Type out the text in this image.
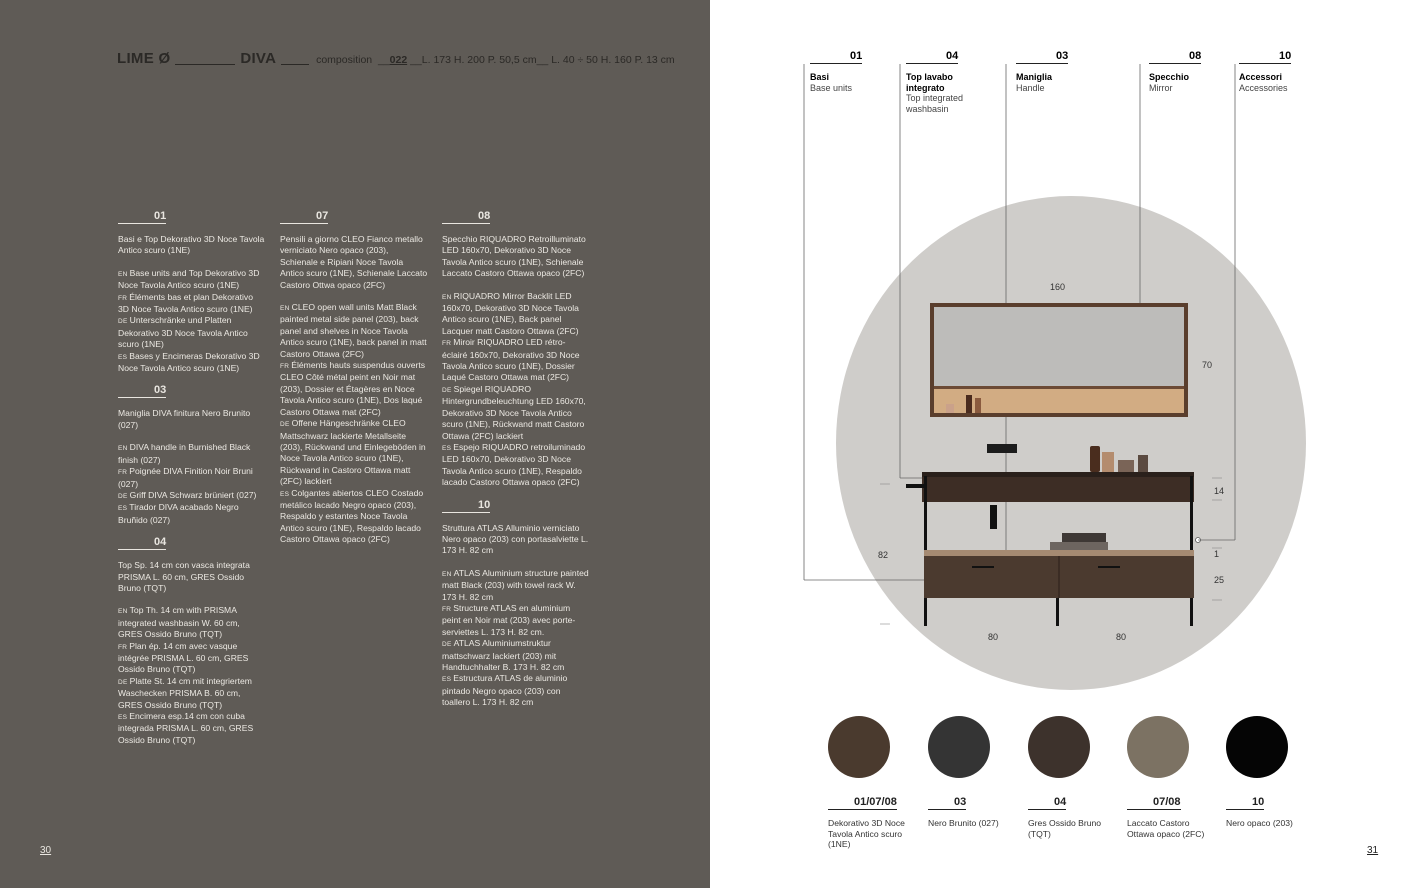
LIME Ø	DIVA	composition  __022 __L. 173 H. 200 P. 50,5 cm__ L. 40 ÷ 50 H. 160 P. 13 cm
01
Basi e Top Dekorativo 3D Noce Tavola Antico scuro (1NE)
EN Base units and Top Dekorativo 3D Noce Tavola Antico scuro (1NE)
FR Éléments bas et plan Dekorativo 3D Noce Tavola Antico scuro (1NE)
DE Unterschränke und Platten Dekorativo 3D Noce Tavola Antico scuro (1NE)
ES Bases y Encimeras Dekorativo 3D Noce Tavola Antico scuro (1NE)
03
Maniglia DIVA finitura Nero Brunito (027)
EN DIVA handle in Burnished Black finish (027)
FR Poignée DIVA Finition Noir Bruni (027)
DE Griff DIVA Schwarz brüniert (027)
ES Tirador DIVA acabado Negro Bruñido (027)
04
Top Sp. 14 cm con vasca integrata PRISMA L. 60 cm, GRES Ossido Bruno (TQT)
EN Top Th. 14 cm with PRISMA integrated washbasin W. 60 cm, GRES Ossido Bruno (TQT)
FR Plan ép. 14 cm avec vasque intégrée PRISMA L. 60 cm, GRES Ossido Bruno (TQT)
DE Platte St. 14 cm mit integriertem Waschecken PRISMA B. 60 cm, GRES Ossido Bruno (TQT)
ES Encimera esp.14 cm con cuba integrada PRISMA L. 60 cm, GRES Ossido Bruno (TQT)
07
Pensili a giorno CLEO Fianco metallo verniciato Nero opaco (203), Schienale e Ripiani Noce Tavola Antico scuro (1NE), Schienale Laccato Castoro Ottwa opaco (2FC)
EN CLEO open wall units Matt Black painted metal side panel (203), back panel and shelves in Noce Tavola Antico scuro (1NE), back panel in matt Castoro Ottawa (2FC)
FR Éléments hauts suspendus ouverts CLEO Côté métal peint en Noir mat (203), Dossier et Étagères en Noce Tavola Antico scuro (1NE), Dos laqué Castoro Ottawa mat (2FC)
DE Offene Hängeschränke CLEO Mattschwarz lackierte Metallseite (203), Rückwand und Einlegeböden in Noce Tavola Antico scuro (1NE), Rückwand in Castoro Ottawa matt (2FC) lackiert
ES Colgantes abiertos CLEO Costado metálico lacado Negro opaco (203), Respaldo y estantes Noce Tavola Antico scuro (1NE), Respaldo lacado Castoro Ottawa opaco (2FC)
08
Specchio RIQUADRO Retroilluminato LED 160x70, Dekorativo 3D Noce Tavola Antico scuro (1NE), Schienale Laccato Castoro Ottawa opaco (2FC)
EN RIQUADRO Mirror Backlit LED 160x70, Dekorativo 3D Noce Tavola Antico scuro (1NE), Back panel Lacquer matt Castoro Ottawa (2FC)
FR Miroir RIQUADRO LED rétro-éclairé 160x70, Dekorativo 3D Noce Tavola Antico scuro (1NE), Dossier Laqué Castoro Ottawa mat (2FC)
DE Spiegel RIQUADRO Hintergrundbeleuchtung LED 160x70, Dekorativo 3D Noce Tavola Antico scuro (1NE), Rückwand matt Castoro Ottawa (2FC) lackiert
ES Espejo RIQUADRO retroiluminado LED 160x70, Dekorativo 3D Noce Tavola Antico scuro (1NE), Respaldo lacado Castoro Ottawa opaco (2FC)
10
Struttura ATLAS Alluminio verniciato Nero opaco (203) con portasalviette L. 173 H. 82 cm
EN ATLAS Aluminium structure painted matt Black (203) with towel rack W. 173 H. 82 cm
FR Structure ATLAS en aluminium peint en Noir mat (203) avec porte-serviettes L. 173 H. 82 cm.
DE ATLAS Aluminiumstruktur mattschwarz lackiert (203) mit Handtuchhalter B. 173 H. 82 cm
ES Estructura ATLAS de aluminio pintado Negro opaco (203) con toallero L. 173 H. 82 cm
30
01
Basi
Base units
04
Top lavabo integrato
Top integrated washbasin
03
Maniglia
Handle
08
Specchio
Mirror
10
Accessori
Accessories
160
70
14
82	1
25
80	80
01/07/08
Dekorativo 3D Noce Tavola Antico scuro (1NE)
03
Nero Brunito (027)
04
Gres Ossido Bruno (TQT)
07/08
Laccato Castoro Ottawa opaco (2FC)
10
Nero opaco (203)
31
